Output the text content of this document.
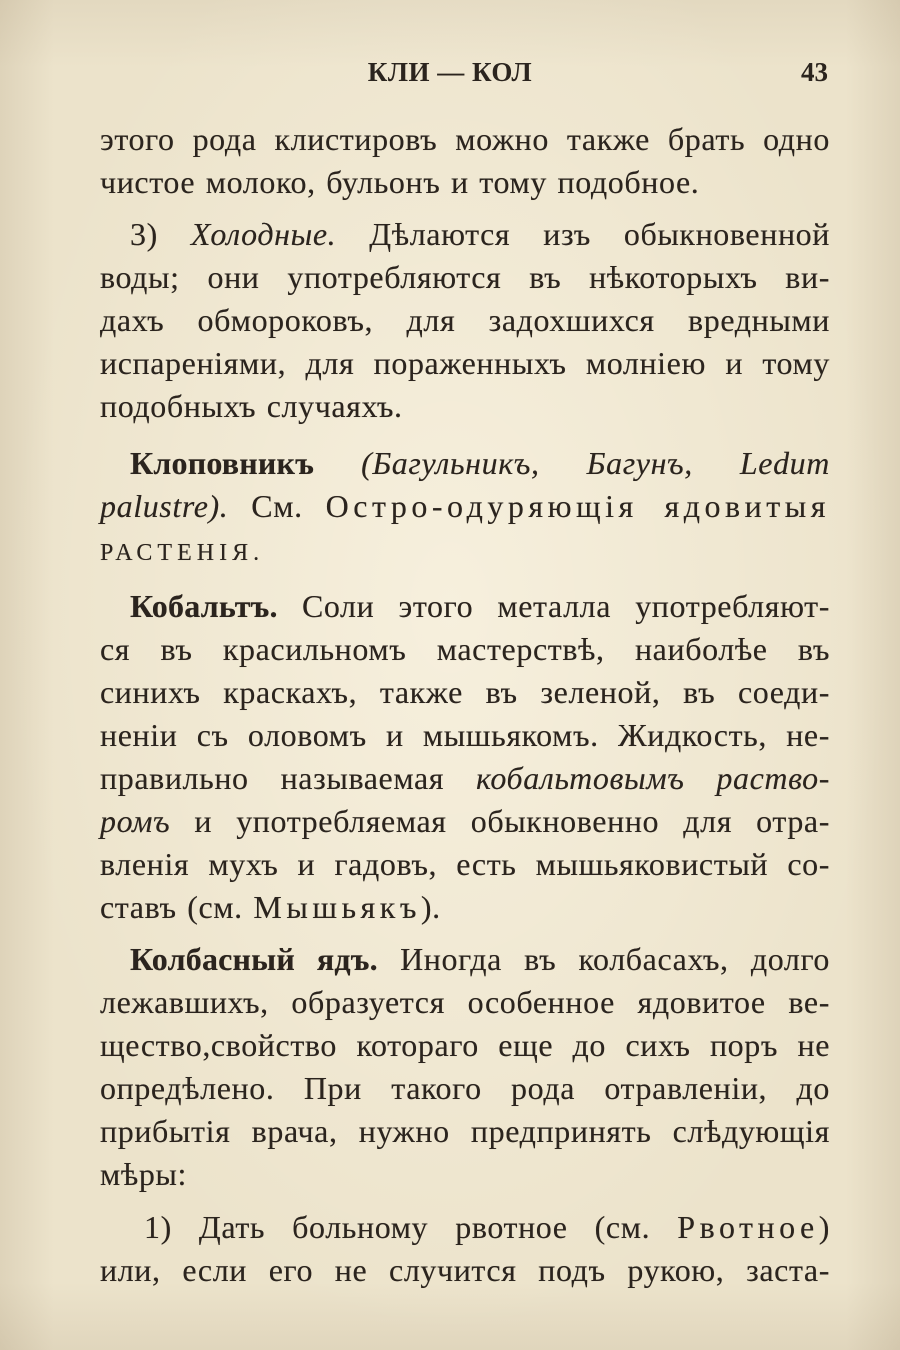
КЛИ — КОЛ	43
этого рода клистировъ можно также брать одно
чистое молоко, бульонъ и тому подобное.
3) Холодные. Дѣлаются изъ обыкновенной
воды; они употребляются въ нѣкоторыхъ ви-
дахъ обмороковъ, для задохшихся вредными
испареніями, для пораженныхъ молніею и тому
подобныхъ случаяхъ.
Клоповникъ (Багульникъ, Багунъ, Ledum
palustre). См. Остро-одуряющія ядовитыя
РАСТЕНІЯ.
Кобальтъ. Соли этого металла употребляют-
ся въ красильномъ мастерствѣ, наиболѣе въ
синихъ краскахъ, также въ зеленой, въ соеди-
неніи съ оловомъ и мышьякомъ. Жидкость, не-
правильно называемая кобальтовымъ раство-
ромъ и употребляемая обыкновенно для отра-
вленія мухъ и гадовъ, есть мышьяковистый со-
ставъ (см. Мышьякъ).
Колбасный ядъ. Иногда въ колбасахъ, долго
лежавшихъ, образуется особенное ядовитое ве-
щество,свойство котораго еще до сихъ поръ не
опредѣлено. При такого рода отравленіи, до
прибытія врача, нужно предпринять слѣдующія
мѣры:
1) Дать больному рвотное (см. Рвотное)
или, если его не случится подъ рукою, заста-
